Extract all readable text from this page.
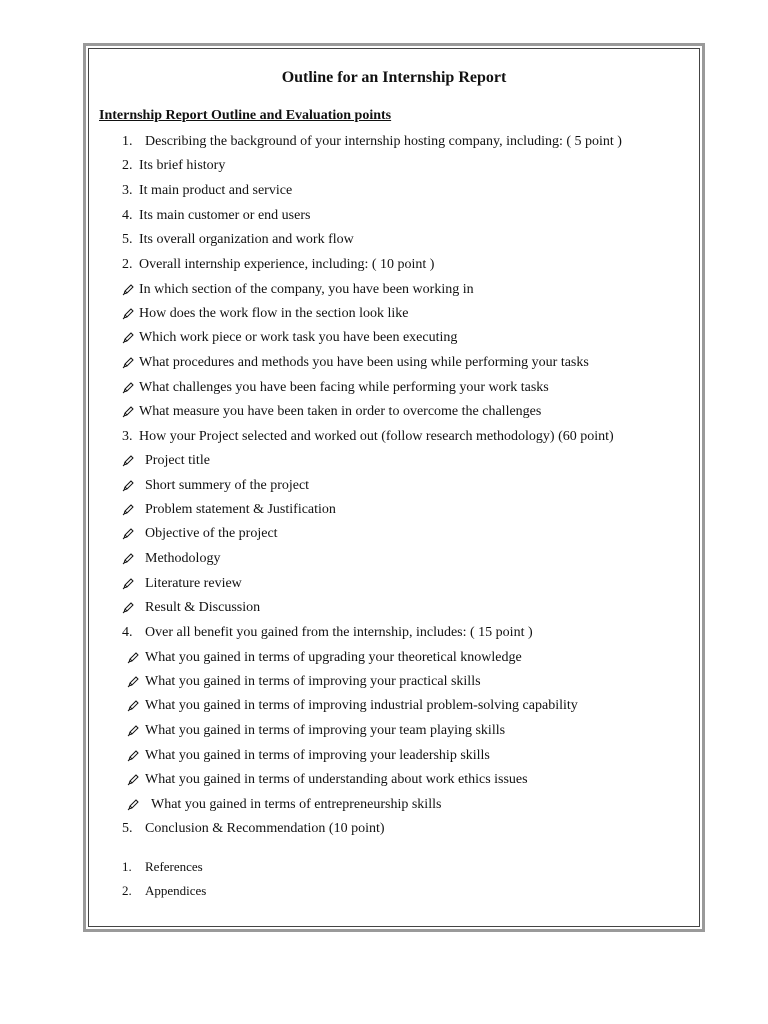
Outline for an Internship Report
Internship Report Outline and Evaluation points
1. Describing the background of your internship hosting company, including: ( 5 point )
2. Its brief history
3. It main product and service
4. Its main customer or end users
5. Its overall organization and work flow
2. Overall internship experience, including: ( 10 point )
In which section of the company, you have been working in
How does the work flow in the section look like
Which work piece or work task you have been executing
What procedures and methods you have been using while performing your tasks
What challenges you have been facing while performing your work tasks
What measure you have been taken in order to overcome the challenges
3. How your Project selected and worked out (follow research methodology) (60 point)
Project title
Short summery of the project
Problem statement & Justification
Objective of the project
Methodology
Literature review
Result & Discussion
4. Over all benefit you gained from the internship, includes: ( 15 point )
What you gained in terms of upgrading your theoretical knowledge
What you gained in terms of improving your practical skills
What you gained in terms of improving industrial problem-solving capability
What you gained in terms of improving your team playing skills
What you gained in terms of improving your leadership skills
What you gained in terms of understanding about work ethics issues
What you gained in terms of entrepreneurship skills
5. Conclusion & Recommendation (10 point)
1. References
2. Appendices
